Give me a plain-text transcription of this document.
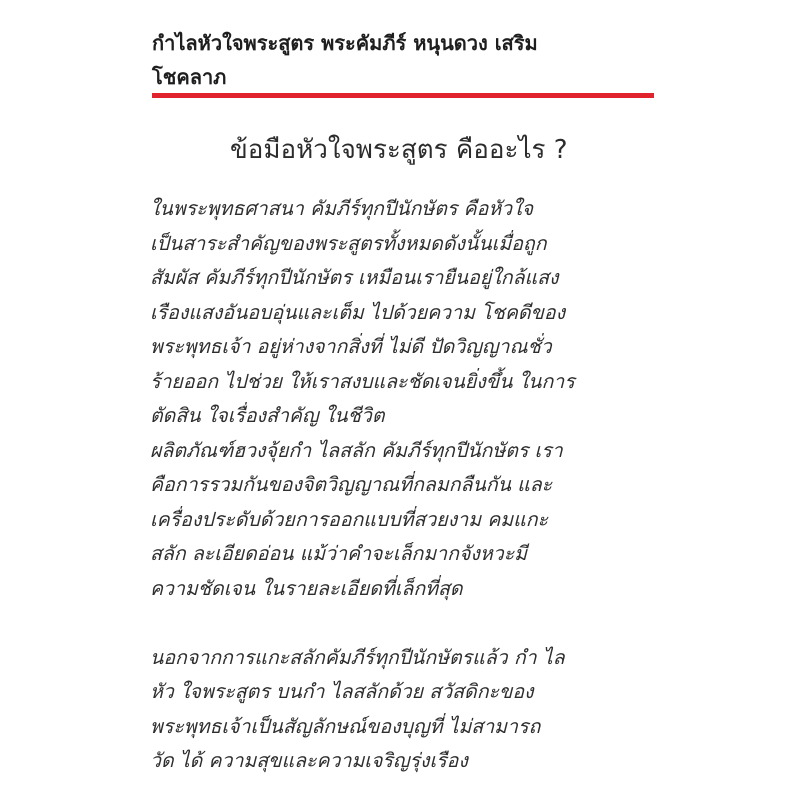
กำไลหัวใจพระสูตร พระคัมภีร์ หนุนดวง เสริม
โชคลาภ
ข้อมือหัวใจพระสูตร คืออะไร ?
ในพระพุทธศาสนา คัมภีร์ทุกปีนักษัตร คือหัวใจ
เป็นสาระสำคัญของพระสูตรทั้งหมดดังนั้นเมื่อถูก
สัมผัส คัมภีร์ทุกปีนักษัตร เหมือนเรายืนอยู่ใกล้แสง
เรืองแสงอันอบอุ่นและเต็ม ไปด้วยความ โชคดีของ
พระพุทธเจ้า อยู่ห่างจากสิ่งที่ ไม่ดี ปัดวิญญาณชั่ว
ร้ายออก ไปช่วย ให้เราสงบและชัดเจนยิ่งขึ้น ในการ
ตัดสิน ใจเรื่องสำคัญ ในชีวิต
ผลิตภัณฑ์ฮวงจุ้ยกำ ไลสลัก คัมภีร์ทุกปีนักษัตร เรา
คือการรวมกันของจิตวิญญาณที่กลมกลืนกัน และ
เครื่องประดับด้วยการออกแบบที่สวยงาม คมแกะ
สลัก ละเอียดอ่อน แม้ว่าคำจะเล็กมากจังหวะมี
ความชัดเจน ในรายละเอียดที่เล็กที่สุด
นอกจากการแกะสลักคัมภีร์ทุกปีนักษัตรแล้ว กำ ไล
หัว ใจพระสูตร บนกำ ไลสลักด้วย สวัสดิกะของ
พระพุทธเจ้าเป็นสัญลักษณ์ของบุญที่ ไม่สามารถ
วัด ได้ ความสุขและความเจริญรุ่งเรือง
